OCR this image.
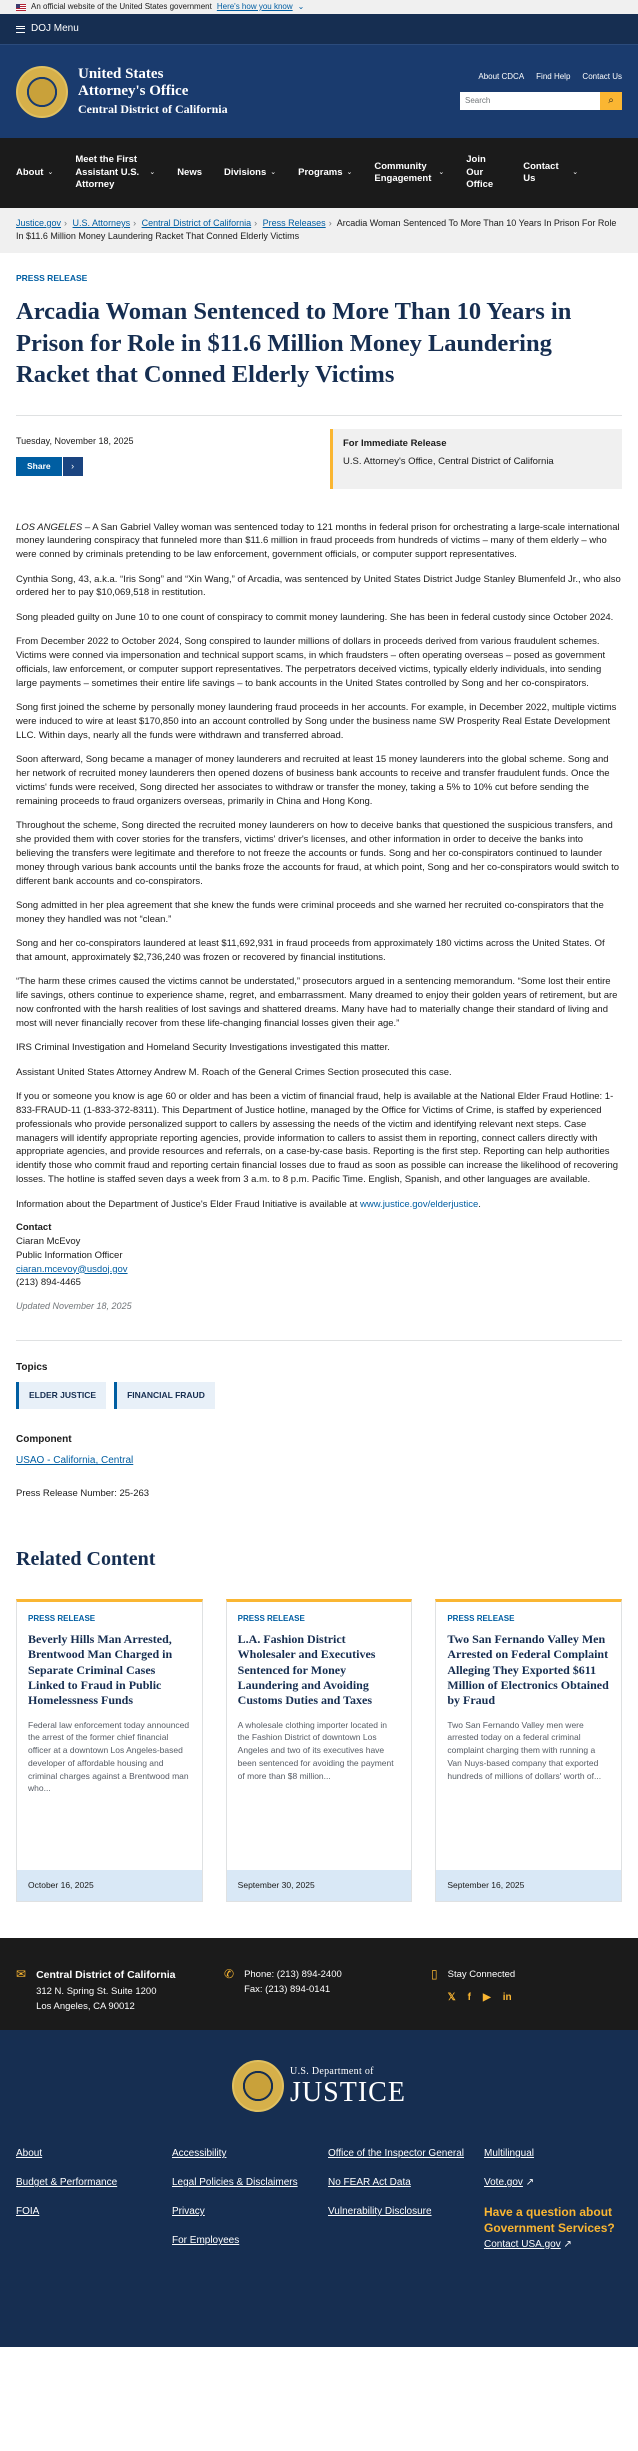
An official website of the United States government Here's how you know ⌄
DOJ Menu
United States
Attorney's Office
Central District of California
About CDCA Find Help Contact Us
Search	⌕
About ⌄
Meet the First Assistant U.S. Attorney
⌄ News Divisions ⌄ Programs ⌄
Community Engagement
⌄
Join Our Office
Contact Us
⌄
Justice.gov › U.S. Attorneys › Central District of California › Press Releases › Arcadia Woman Sentenced To More Than 10 Years In Prison For Role In $11.6 Million Money Laundering Racket That Conned Elderly Victims
PRESS RELEASE
Arcadia Woman Sentenced to More Than 10 Years in Prison for Role in $11.6 Million Money Laundering Racket that Conned Elderly Victims
Tuesday, November 18, 2025
Share	›
For Immediate Release
U.S. Attorney's Office, Central District of California

LOS ANGELES – A San Gabriel Valley woman was sentenced today to 121 months in federal prison for orchestrating a large-scale international money laundering conspiracy that funneled more than $11.6 million in fraud proceeds from hundreds of victims – many of them elderly – who were conned by criminals pretending to be law enforcement, government officials, or computer support representatives.

Cynthia Song, 43, a.k.a. “Iris Song” and “Xin Wang,” of Arcadia, was sentenced by United States District Judge Stanley Blumenfeld Jr., who also ordered her to pay $10,069,518 in restitution.

Song pleaded guilty on June 10 to one count of conspiracy to commit money laundering. She has been in federal custody since October 2024.

From December 2022 to October 2024, Song conspired to launder millions of dollars in proceeds derived from various fraudulent schemes. Victims were conned via impersonation and technical support scams, in which fraudsters – often operating overseas – posed as government officials, law enforcement, or computer support representatives. The perpetrators deceived victims, typically elderly individuals, into sending large payments – sometimes their entire life savings – to bank accounts in the United States controlled by Song and her co-conspirators.

Song first joined the scheme by personally money laundering fraud proceeds in her accounts. For example, in December 2022, multiple victims were induced to wire at least $170,850 into an account controlled by Song under the business name SW Prosperity Real Estate Development LLC. Within days, nearly all the funds were withdrawn and transferred abroad.

Soon afterward, Song became a manager of money launderers and recruited at least 15 money launderers into the global scheme. Song and her network of recruited money launderers then opened dozens of business bank accounts to receive and transfer fraudulent funds. Once the victims' funds were received, Song directed her associates to withdraw or transfer the money, taking a 5% to 10% cut before sending the remaining proceeds to fraud organizers overseas, primarily in China and Hong Kong.

Throughout the scheme, Song directed the recruited money launderers on how to deceive banks that questioned the suspicious transfers, and she provided them with cover stories for the transfers, victims' driver's licenses, and other information in order to deceive the banks into believing the transfers were legitimate and therefore to not freeze the accounts or funds. Song and her co-conspirators continued to launder money through various bank accounts until the banks froze the accounts for fraud, at which point, Song and her co-conspirators would switch to different bank accounts and co-conspirators.

Song admitted in her plea agreement that she knew the funds were criminal proceeds and she warned her recruited co-conspirators that the money they handled was not “clean.”

Song and her co-conspirators laundered at least $11,692,931 in fraud proceeds from approximately 180 victims across the United States. Of that amount, approximately $2,736,240 was frozen or recovered by financial institutions.

“The harm these crimes caused the victims cannot be understated,” prosecutors argued in a sentencing memorandum. “Some lost their entire life savings, others continue to experience shame, regret, and embarrassment. Many dreamed to enjoy their golden years of retirement, but are now confronted with the harsh realities of lost savings and shattered dreams. Many have had to materially change their standard of living and most will never financially recover from these life-changing financial losses given their age.”

IRS Criminal Investigation and Homeland Security Investigations investigated this matter.

Assistant United States Attorney Andrew M. Roach of the General Crimes Section prosecuted this case.

If you or someone you know is age 60 or older and has been a victim of financial fraud, help is available at the National Elder Fraud Hotline: 1-833-FRAUD-11 (1-833-372-8311). This Department of Justice hotline, managed by the Office for Victims of Crime, is staffed by experienced professionals who provide personalized support to callers by assessing the needs of the victim and identifying relevant next steps. Case managers will identify appropriate reporting agencies, provide information to callers to assist them in reporting, connect callers directly with appropriate agencies, and provide resources and referrals, on a case-by-case basis. Reporting is the first step. Reporting can help authorities identify those who commit fraud and reporting certain financial losses due to fraud as soon as possible can increase the likelihood of recovering losses. The hotline is staffed seven days a week from 3 a.m. to 8 p.m. Pacific Time. English, Spanish, and other languages are available.

Information about the Department of Justice's Elder Fraud Initiative is available at www.justice.gov/elderjustice.

Contact
Ciaran McEvoy
Public Information Officer
ciaran.mcevoy@usdoj.gov
(213) 894-4465
Updated November 18, 2025
Topics
ELDER JUSTICE	FINANCIAL FRAUD
Component
USAO - California, Central
Press Release Number: 25-263
Related Content
PRESS RELEASE
Beverly Hills Man Arrested, Brentwood Man Charged in Separate Criminal Cases Linked to Fraud in Public Homelessness Funds
Federal law enforcement today announced the arrest of the former chief financial officer at a downtown Los Angeles-based developer of affordable housing and criminal charges against a Brentwood man who...
October 16, 2025
PRESS RELEASE
L.A. Fashion District Wholesaler and Executives Sentenced for Money Laundering and Avoiding Customs Duties and Taxes
A wholesale clothing importer located in the Fashion District of downtown Los Angeles and two of its executives have been sentenced for avoiding the payment of more than $8 million...
September 30, 2025
PRESS RELEASE
Two San Fernando Valley Men Arrested on Federal Complaint Alleging They Exported $611 Million of Electronics Obtained by Fraud
Two San Fernando Valley men were arrested today on a federal criminal complaint charging them with running a Van Nuys-based company that exported hundreds of millions of dollars' worth of...
September 16, 2025
✉ Central District of California
312 N. Spring St. Suite 1200
Los Angeles, CA 90012
✆ Phone: (213) 894-2400
Fax: (213) 894-0141
▯ Stay Connected
𝕏 f ▶ in
U.S. Department of
JUSTICE
About

Budget & Performance

FOIA
Accessibility

Legal Policies & Disclaimers

Privacy

For Employees
Office of the Inspector General

No FEAR Act Data

Vulnerability Disclosure
Multilingual

Vote.gov ↗

Have a question about Government Services?
Contact USA.gov ↗
